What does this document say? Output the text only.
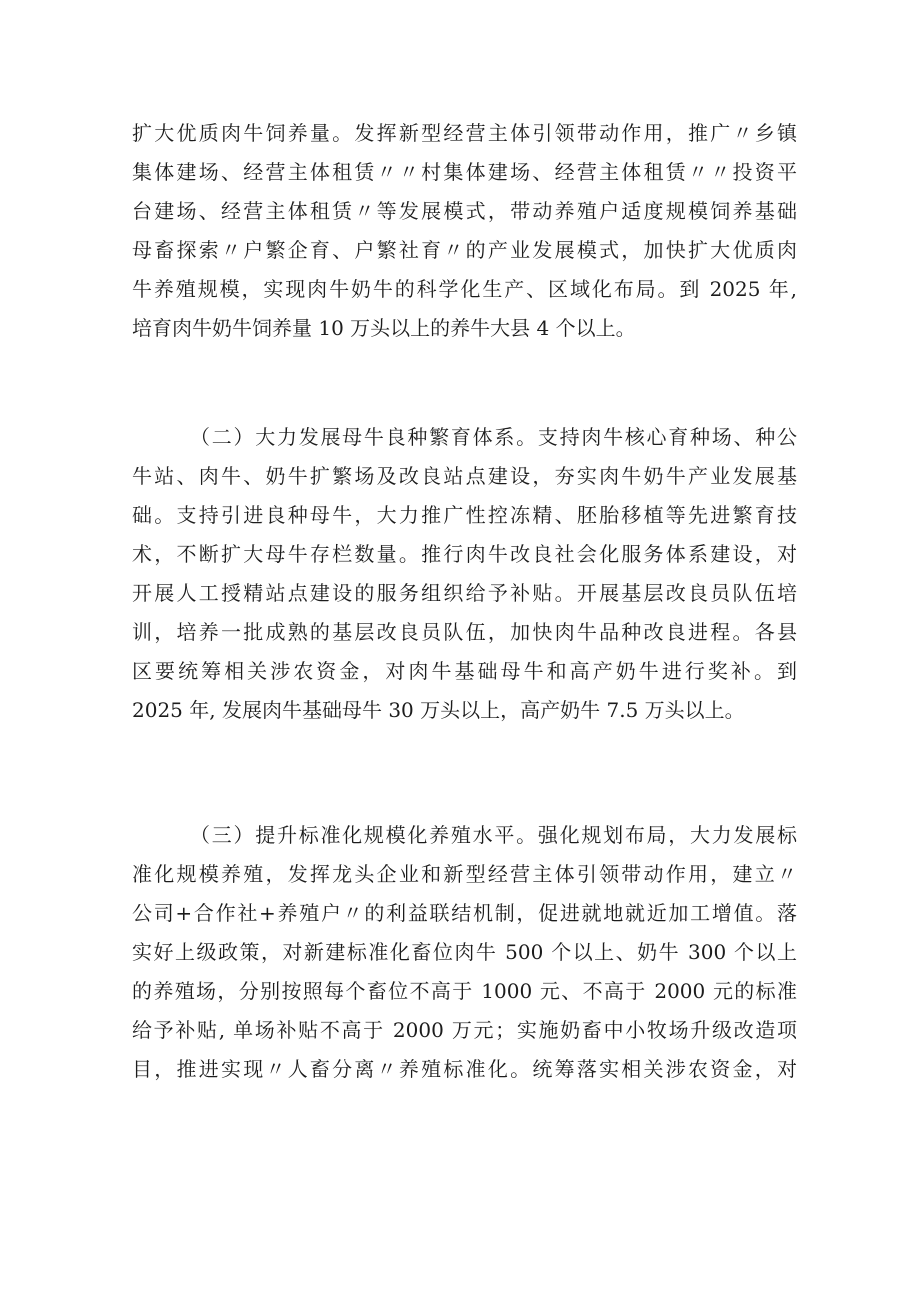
扩大优质肉牛饲养量。发挥新型经营主体引领带动作用，推广〃乡镇
集体建场、经营主体租赁〃〃村集体建场、经营主体租赁〃〃投资平
台建场、经营主体租赁〃等发展模式，带动养殖户适度规模饲养基础
母畜探索〃户繁企育、户繁社育〃的产业发展模式，加快扩大优质肉
牛养殖规模，实现肉牛奶牛的科学化生产、区域化布局。到 2025 年,
培育肉牛奶牛饲养量 10 万头以上的养牛大县 4 个以上。
（二）大力发展母牛良种繁育体系。支持肉牛核心育种场、种公
牛站、肉牛、奶牛扩繁场及改良站点建设，夯实肉牛奶牛产业发展基
础。支持引进良种母牛，大力推广性控冻精、胚胎移植等先进繁育技
术，不断扩大母牛存栏数量。推行肉牛改良社会化服务体系建设，对
开展人工授精站点建设的服务组织给予补贴。开展基层改良员队伍培
训，培养一批成熟的基层改良员队伍，加快肉牛品种改良进程。各县
区要统筹相关涉农资金，对肉牛基础母牛和高产奶牛进行奖补。到
2025 年, 发展肉牛基础母牛 30 万头以上，高产奶牛 7.5 万头以上。
（三）提升标准化规模化养殖水平。强化规划布局，大力发展标
准化规模养殖，发挥龙头企业和新型经营主体引领带动作用，建立〃
公司+合作社+养殖户〃的利益联结机制，促进就地就近加工增值。落
实好上级政策，对新建标准化畜位肉牛 500 个以上、奶牛 300 个以上
的养殖场，分别按照每个畜位不高于 1000 元、不高于 2000 元的标准
给予补贴, 单场补贴不高于 2000 万元；实施奶畜中小牧场升级改造项
目，推进实现〃人畜分离〃养殖标准化。统筹落实相关涉农资金，对
